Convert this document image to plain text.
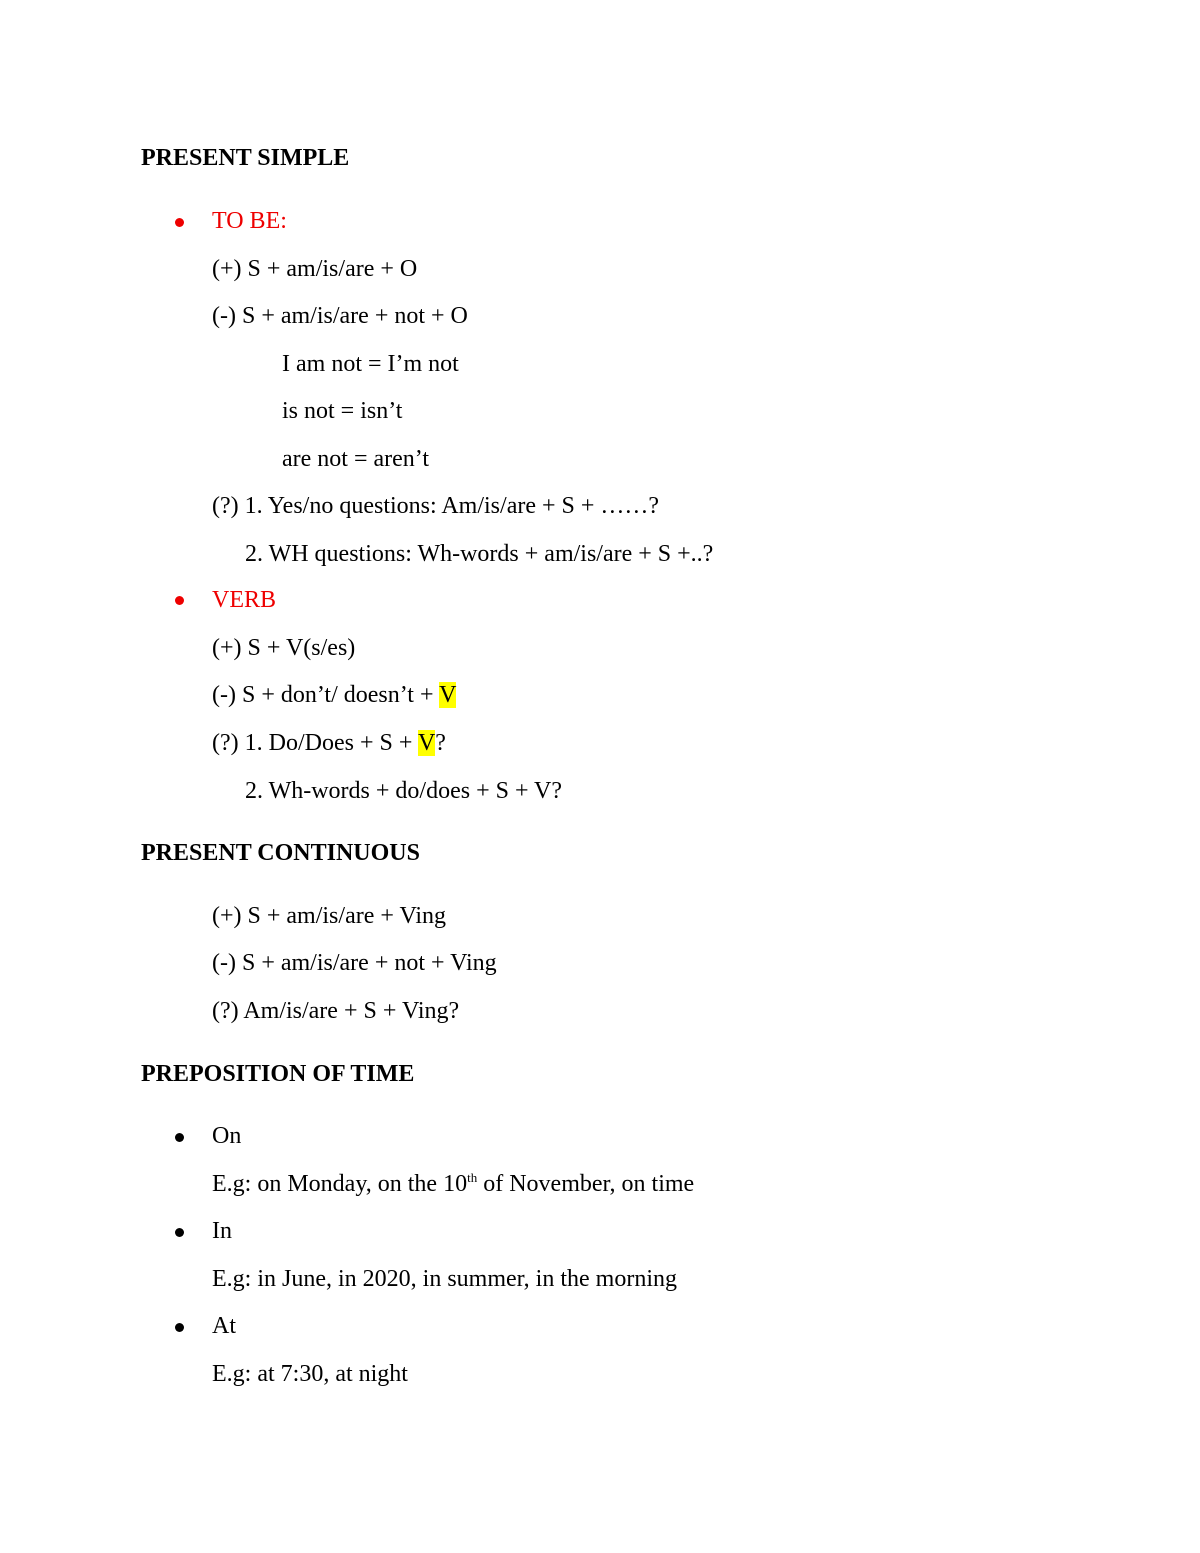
PRESENT SIMPLE
TO BE:
(+) S + am/is/are + O
(-) S + am/is/are + not + O
I am not = I’m not
is not = isn’t
are not = aren’t
(?) 1. Yes/no questions: Am/is/are + S + ……?
2. WH questions: Wh-words + am/is/are + S +..?
VERB
(+) S + V(s/es)
(-) S + don’t/ doesn’t + V
(?) 1. Do/Does + S + V?
2. Wh-words + do/does + S + V?
PRESENT CONTINUOUS
(+) S + am/is/are + Ving
(-) S + am/is/are + not + Ving
(?) Am/is/are + S + Ving?
PREPOSITION OF TIME
On
E.g: on Monday, on the 10th of November, on time
In
E.g: in June, in 2020, in summer, in the morning
At
E.g: at 7:30, at night
